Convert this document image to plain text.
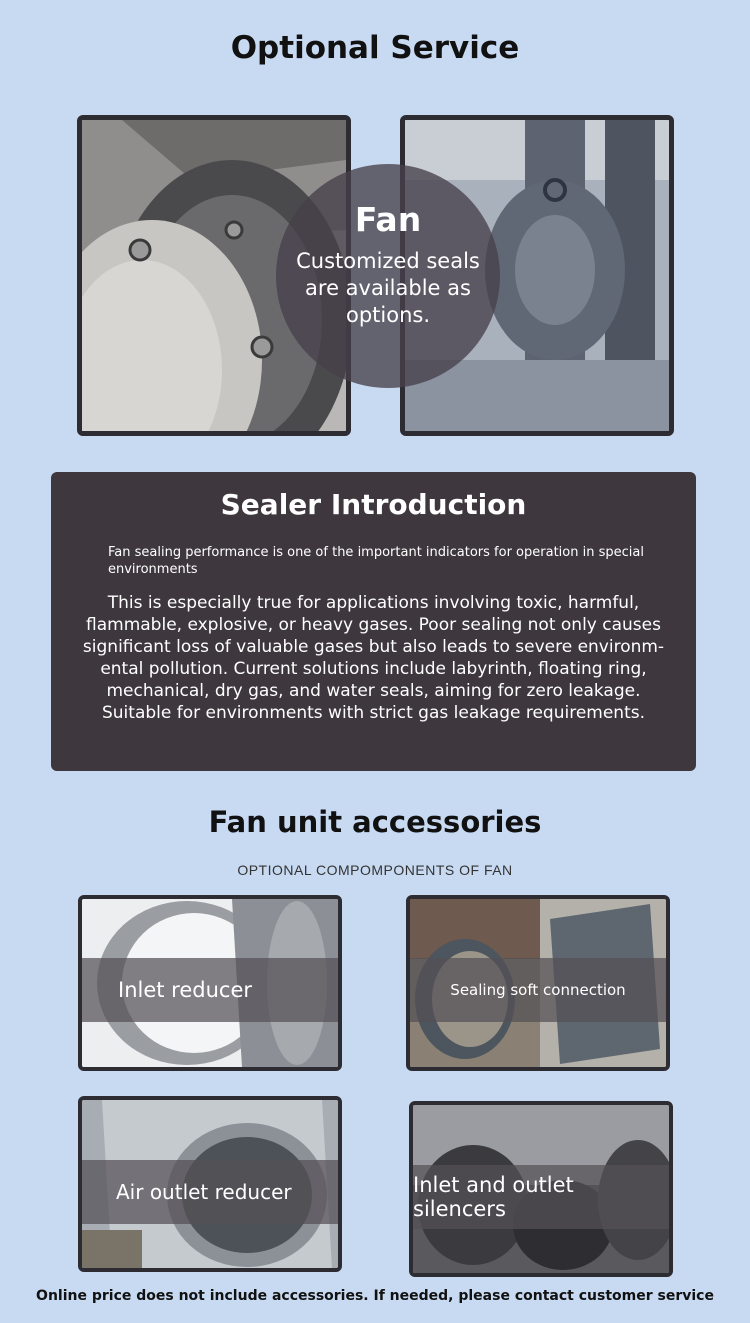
Optional Service
Fan
Customized seals are available as options.
Sealer Introduction
Fan sealing performance is one of the important indicators for operation in special environments
This is especially true for applications involving toxic, harmful, flammable, explosive, or heavy gases. Poor sealing not only causes significant loss of valuable gases but also leads to severe environm-ental pollution. Current solutions include labyrinth, floating ring, mechanical, dry gas, and water seals, aiming for zero leakage. Suitable for environments with strict gas leakage requirements.
Fan unit accessories
OPTIONAL COMPOMPONENTS OF FAN
Inlet reducer	Sealing soft connection
Air outlet reducer	Inlet and outlet silencers
Online price does not include accessories. If needed, please contact customer service
